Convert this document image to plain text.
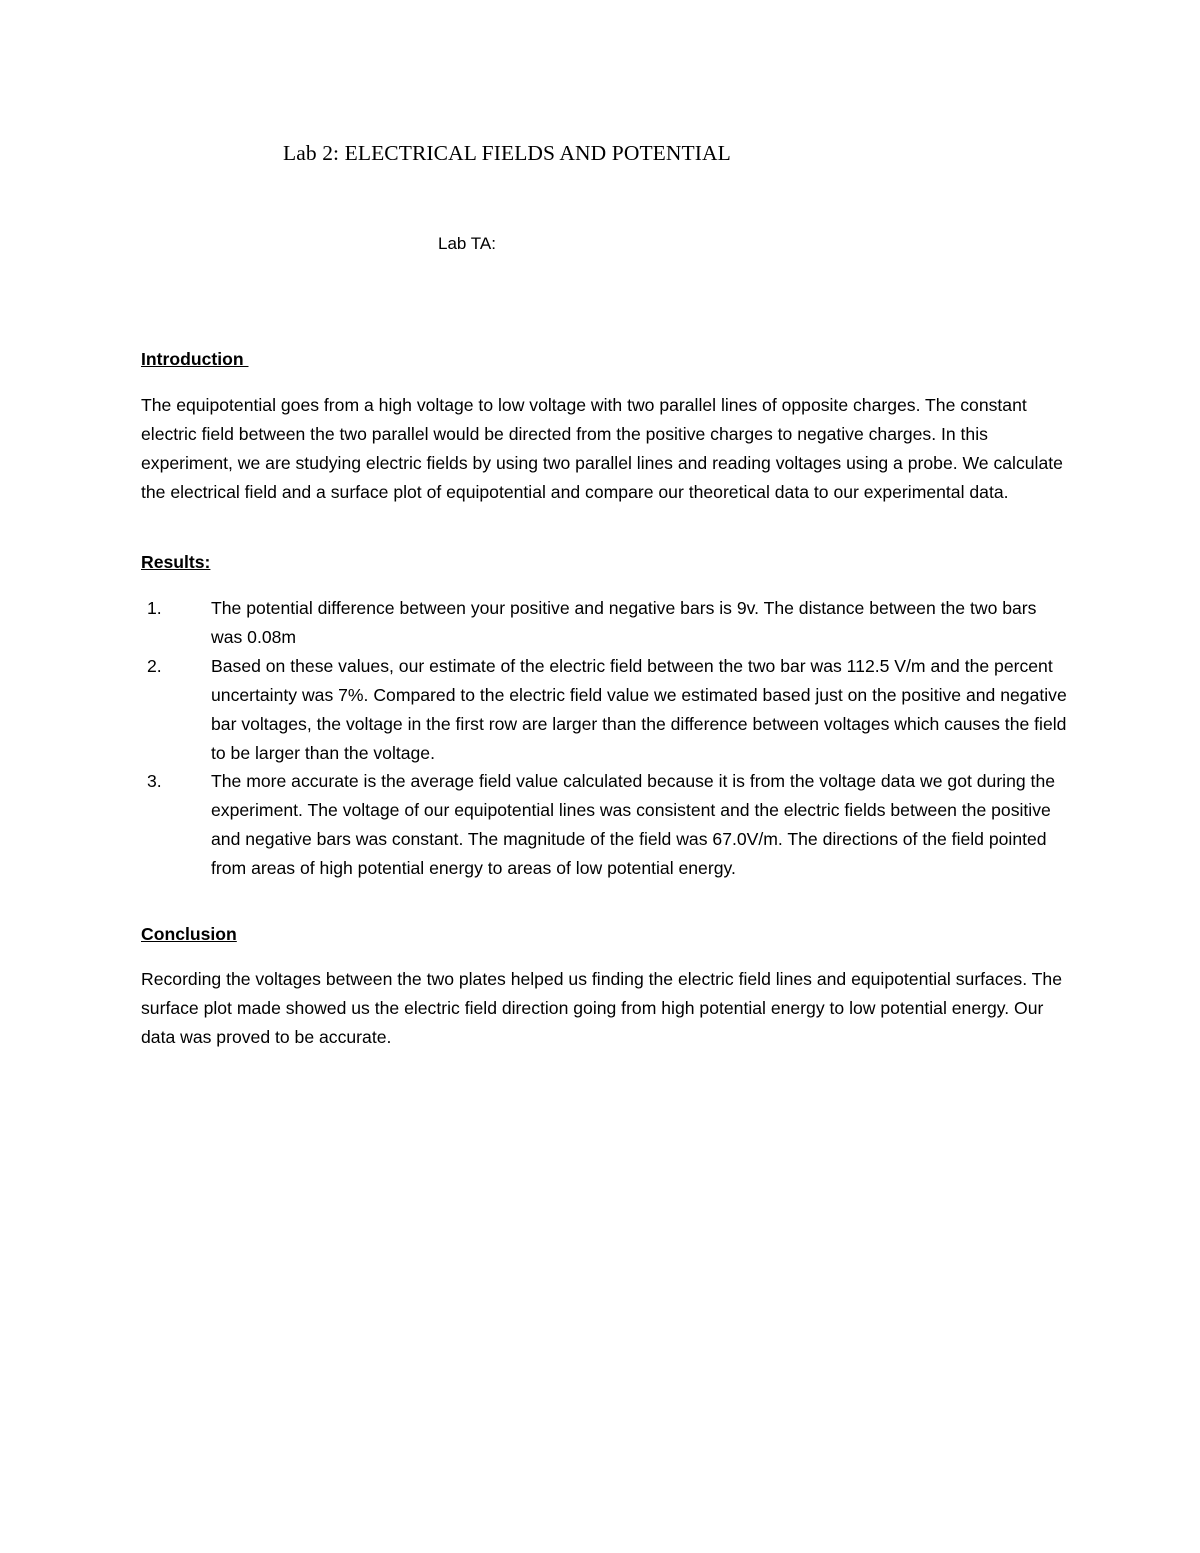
Lab 2: ELECTRICAL FIELDS AND POTENTIAL
Lab TA:
Introduction
The equipotential goes from a high voltage to low voltage with two parallel lines of opposite charges. The constant electric field between the two parallel would be directed from the positive charges to negative charges. In this experiment, we are studying electric fields by using two parallel lines and reading voltages using a probe. We calculate the electrical field and a surface plot of equipotential and compare our theoretical data to our experimental data.
Results:
1.	The potential difference between your positive and negative bars is 9v. The distance between the two bars was 0.08m
2.	Based on these values, our estimate of the electric field between the two bar was 112.5 V/m and the percent uncertainty was 7%. Compared to the electric field value we estimated based just on the positive and negative bar voltages, the voltage in the first row are larger than the difference between voltages which causes the field to be larger than the voltage.
3.	The more accurate is the average field value calculated because it is from the voltage data we got during the experiment. The voltage of our equipotential lines was consistent and the electric fields between the positive and negative bars was constant. The magnitude of the field was 67.0V/m. The directions of the field pointed from areas of high potential energy to areas of low potential energy.
Conclusion
Recording the voltages between the two plates helped us finding the electric field lines and equipotential surfaces. The surface plot made showed us the electric field direction going from high potential energy to low potential energy. Our data was proved to be accurate.
